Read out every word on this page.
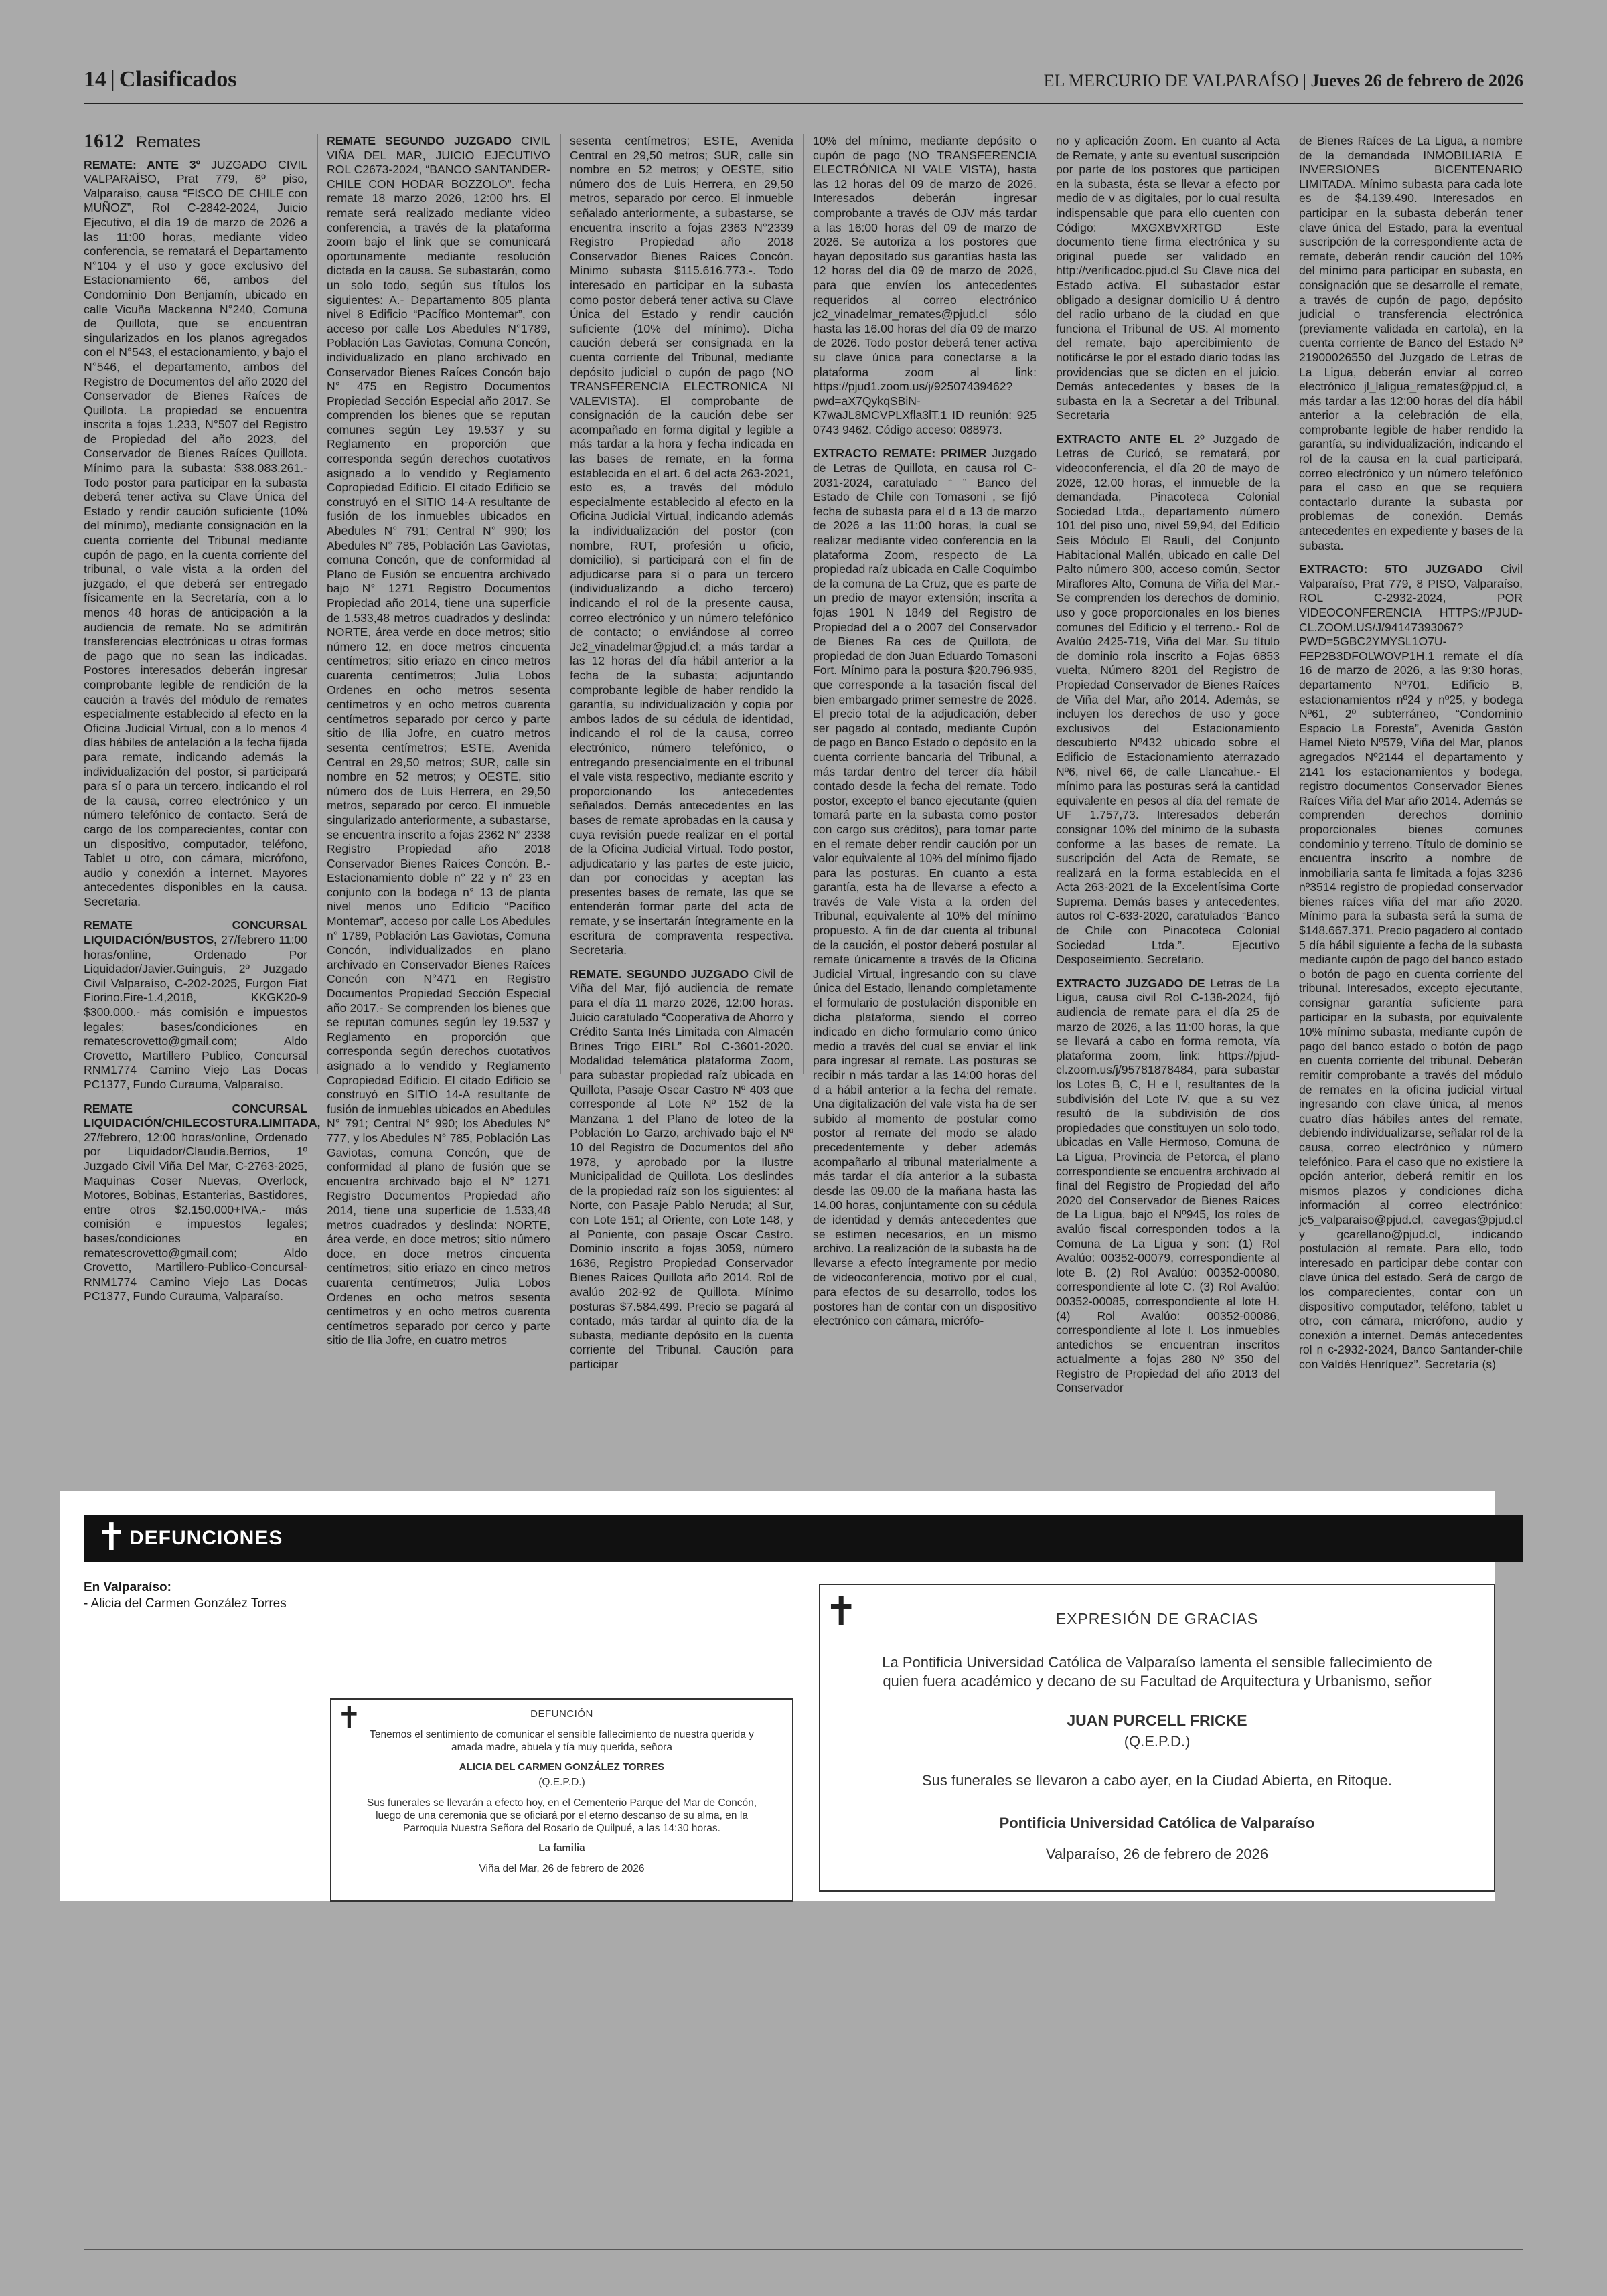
14 | Clasificados	EL MERCURIO DE VALPARAÍSO | Jueves 26 de febrero de 2026
1612 Remates

REMATE: ANTE 3º JUZGADO CIVIL VALPARAÍSO, Prat 779, 6º piso, Valparaíso, causa “FISCO DE CHILE con MUÑOZ”, Rol C-2842-2024, Juicio Ejecutivo, el día 19 de marzo de 2026 a las 11:00 horas, mediante video conferencia, se rematará el Departamento N°104 y el uso y goce exclusivo del Estacionamiento 66, ambos del Condominio Don Benjamín, ubicado en calle Vicuña Mackenna N°240, Comuna de Quillota, que se encuentran singularizados en los planos agregados con el N°543, el estacionamiento, y bajo el N°546, el departamento, ambos del Registro de Documentos del año 2020 del Conservador de Bienes Raíces de Quillota. La propiedad se encuentra inscrita a fojas 1.233, N°507 del Registro de Propiedad del año 2023, del Conservador de Bienes Raíces Quillota. Mínimo para la subasta: $38.083.261.- Todo postor para participar en la subasta deberá tener activa su Clave Única del Estado y rendir caución suficiente (10% del mínimo), mediante consignación en la cuenta corriente del Tribunal mediante cupón de pago, en la cuenta corriente del tribunal, o vale vista a la orden del juzgado, el que deberá ser entregado físicamente en la Secretaría, con a lo menos 48 horas de anticipación a la audiencia de remate. No se admitirán transferencias electrónicas u otras formas de pago que no sean las indicadas. Postores interesados deberán ingresar comprobante legible de rendición de la caución a través del módulo de remates especialmente establecido al efecto en la Oficina Judicial Virtual, con a lo menos 4 días hábiles de antelación a la fecha fijada para remate, indicando además la individualización del postor, si participará para sí o para un tercero, indicando el rol de la causa, correo electrónico y un número telefónico de contacto. Será de cargo de los comparecientes, contar con un dispositivo, computador, teléfono, Tablet u otro, con cámara, micrófono, audio y conexión a internet. Mayores antecedentes disponibles en la causa. Secretaria.

REMATE CONCURSAL LIQUIDACIÓN/BUSTOS, 27/febrero 11:00 horas/online, Ordenado Por Liquidador/Javier.Guinguis, 2º Juzgado Civil Valparaíso, C-202-2025, Furgon Fiat Fiorino.Fire-1.4,2018, KKGK20-9 $300.000.- más comisión e impuestos legales; bases/condiciones en rematescrovetto@gmail.com; Aldo Crovetto, Martillero Publico, Concursal RNM1774 Camino Viejo Las Docas PC1377, Fundo Curauma, Valparaíso.

REMATE CONCURSAL LIQUIDACIÓN/CHILECOSTURA.LIMITADA, 27/febrero, 12:00 horas/online, Ordenado por Liquidador/Claudia.Berrios, 1º Juzgado Civil Viña Del Mar, C-2763-2025, Maquinas Coser Nuevas, Overlock, Motores, Bobinas, Estanterias, Bastidores, entre otros $2.150.000+IVA.- más comisión e impuestos legales; bases/condiciones en rematescrovetto@gmail.com; Aldo Crovetto, Martillero-Publico-Concursal-RNM1774 Camino Viejo Las Docas PC1377, Fundo Curauma, Valparaíso.

REMATE SEGUNDO JUZGADO CIVIL VIÑA DEL MAR, JUICIO EJECUTIVO ROL C2673-2024, “BANCO SANTANDER-CHILE CON HODAR BOZZOLO”. fecha remate 18 marzo 2026, 12:00 hrs. El remate será realizado mediante video conferencia, a través de la plataforma zoom bajo el link que se comunicará oportunamente mediante resolución dictada en la causa. Se subastarán, como un solo todo, según sus títulos los siguientes: A.- Departamento 805 planta nivel 8 Edificio “Pacífico Montemar”, con acceso por calle Los Abedules N°1789, Población Las Gaviotas, Comuna Concón, individualizado en plano archivado en Conservador Bienes Raíces Concón bajo N° 475 en Registro Documentos Propiedad Sección Especial año 2017. Se comprenden los bienes que se reputan comunes según Ley 19.537 y su Reglamento en proporción que corresponda según derechos cuotativos asignado a lo vendido y Reglamento Copropiedad Edificio. El citado Edificio se construyó en el SITIO 14-A resultante de fusión de los inmuebles ubicados en Abedules N° 791; Central N° 990; los Abedules N° 785, Población Las Gaviotas, comuna Concón, que de conformidad al Plano de Fusión se encuentra archivado bajo N° 1271 Registro Documentos Propiedad año 2014, tiene una superficie de 1.533,48 metros cuadrados y deslinda: NORTE, área verde en doce metros; sitio número 12, en doce metros cincuenta centímetros; sitio eriazo en cinco metros cuarenta centímetros; Julia Lobos Ordenes en ocho metros sesenta centímetros y en ocho metros cuarenta centímetros separado por cerco y parte sitio de Ilia Jofre, en cuatro metros sesenta centímetros; ESTE, Avenida Central en 29,50 metros; SUR, calle sin nombre en 52 metros; y OESTE, sitio número dos de Luis Herrera, en 29,50 metros, separado por cerco. El inmueble singularizado anteriormente, a subastarse, se encuentra inscrito a fojas 2362 N° 2338 Registro Propiedad año 2018 Conservador Bienes Raíces Concón. B.- Estacionamiento doble n° 22 y n° 23 en conjunto con la bodega n° 13 de planta nivel menos uno Edificio “Pacífico Montemar”, acceso por calle Los Abedules n° 1789, Población Las Gaviotas, Comuna Concón, individualizados en plano archivado en Conservador Bienes Raíces Concón con N°471 en Registro Documentos Propiedad Sección Especial año 2017.- Se comprenden los bienes que se reputan comunes según ley 19.537 y Reglamento en proporción que corresponda según derechos cuotativos asignado a lo vendido y Reglamento Copropiedad Edificio. El citado Edificio se construyó en SITIO 14-A resultante de fusión de inmuebles ubicados en Abedules N° 791; Central N° 990; los Abedules N° 777, y los Abedules N° 785, Población Las Gaviotas, comuna Concón, que de conformidad al plano de fusión que se encuentra archivado bajo el N° 1271 Registro Documentos Propiedad año 2014, tiene una superficie de 1.533,48 metros cuadrados y deslinda: NORTE, área verde, en doce metros; sitio número doce, en doce metros cincuenta centímetros; sitio eriazo en cinco metros cuarenta centímetros; Julia Lobos Ordenes en ocho metros sesenta centímetros y en ocho metros cuarenta centímetros separado por cerco y parte sitio de Ilia Jofre, en cuatro metros

sesenta centímetros; ESTE, Avenida Central en 29,50 metros; SUR, calle sin nombre en 52 metros; y OESTE, sitio número dos de Luis Herrera, en 29,50 metros, separado por cerco. El inmueble señalado anteriormente, a subastarse, se encuentra inscrito a fojas 2363 N°2339 Registro Propiedad año 2018 Conservador Bienes Raíces Concón. Mínimo subasta $115.616.773.-. Todo interesado en participar en la subasta como postor deberá tener activa su Clave Única del Estado y rendir caución suficiente (10% del mínimo). Dicha caución deberá ser consignada en la cuenta corriente del Tribunal, mediante depósito judicial o cupón de pago (NO TRANSFERENCIA ELECTRONICA NI VALEVISTA). El comprobante de consignación de la caución debe ser acompañado en forma digital y legible a más tardar a la hora y fecha indicada en las bases de remate, en la forma establecida en el art. 6 del acta 263-2021, esto es, a través del módulo especialmente establecido al efecto en la Oficina Judicial Virtual, indicando además la individualización del postor (con nombre, RUT, profesión u oficio, domicilio), si participará con el fin de adjudicarse para sí o para un tercero (individualizando a dicho tercero) indicando el rol de la presente causa, correo electrónico y un número telefónico de contacto; o enviándose al correo Jc2_vinadelmar@pjud.cl; a más tardar a las 12 horas del día hábil anterior a la fecha de la subasta; adjuntando comprobante legible de haber rendido la garantía, su individualización y copia por ambos lados de su cédula de identidad, indicando el rol de la causa, correo electrónico, número telefónico, o entregando presencialmente en el tribunal el vale vista respectivo, mediante escrito y proporcionando los antecedentes señalados. Demás antecedentes en las bases de remate aprobadas en la causa y cuya revisión puede realizar en el portal de la Oficina Judicial Virtual. Todo postor, adjudicatario y las partes de este juicio, dan por conocidas y aceptan las presentes bases de remate, las que se entenderán formar parte del acta de remate, y se insertarán íntegramente en la escritura de compraventa respectiva. Secretaria.

REMATE. SEGUNDO JUZGADO Civil de Viña del Mar, fijó audiencia de remate para el día 11 marzo 2026, 12:00 horas. Juicio caratulado “Cooperativa de Ahorro y Crédito Santa Inés Limitada con Almacén Brines Trigo EIRL” Rol C-3601-2020. Modalidad telemática plataforma Zoom, para subastar propiedad raíz ubicada en Quillota, Pasaje Oscar Castro Nº 403 que corresponde al Lote Nº 152 de la Manzana 1 del Plano de loteo de la Población Lo Garzo, archivado bajo el Nº 10 del Registro de Documentos del año 1978, y aprobado por la Ilustre Municipalidad de Quillota. Los deslindes de la propiedad raíz son los siguientes: al Norte, con Pasaje Pablo Neruda; al Sur, con Lote 151; al Oriente, con Lote 148, y al Poniente, con pasaje Oscar Castro. Dominio inscrito a fojas 3059, número 1636, Registro Propiedad Conservador Bienes Raíces Quillota año 2014. Rol de avalúo 202-92 de Quillota. Mínimo posturas $7.584.499. Precio se pagará al contado, más tardar al quinto día de la subasta, mediante depósito en la cuenta corriente del Tribunal. Caución para participar

10% del mínimo, mediante depósito o cupón de pago (NO TRANSFERENCIA ELECTRÓNICA NI VALE VISTA), hasta las 12 horas del 09 de marzo de 2026. Interesados deberán ingresar comprobante a través de OJV más tardar a las 16:00 horas del 09 de marzo de 2026. Se autoriza a los postores que hayan depositado sus garantías hasta las 12 horas del día 09 de marzo de 2026, para que envíen los antecedentes requeridos al correo electrónico jc2_vinadelmar_remates@pjud.cl sólo hasta las 16.00 horas del día 09 de marzo de 2026. Todo postor deberá tener activa su clave única para conectarse a la plataforma zoom al link: https://pjud1.zoom.us/j/92507439462?pwd=aX7QykqSBiN-K7waJL8MCVPLXfla3lT.1 ID reunión: 925 0743 9462. Código acceso: 088973.

EXTRACTO REMATE: PRIMER Juzgado de Letras de Quillota, en causa rol C-2031-2024, caratulado “ ” Banco del Estado de Chile con Tomasoni , se fijó fecha de subasta para el d a 13 de marzo de 2026 a las 11:00 horas, la cual se realizar mediante video conferencia en la plataforma Zoom, respecto de La propiedad raíz ubicada en Calle Coquimbo de la comuna de La Cruz, que es parte de un predio de mayor extensión; inscrita a fojas 1901 N 1849 del Registro de Propiedad del a o 2007 del Conservador de Bienes Ra ces de Quillota, de propiedad de don Juan Eduardo Tomasoni Fort. Mínimo para la postura $20.796.935, que corresponde a la tasación fiscal del bien embargado primer semestre de 2026. El precio total de la adjudicación, deber ser pagado al contado, mediante Cupón de pago en Banco Estado o depósito en la cuenta corriente bancaria del Tribunal, a más tardar dentro del tercer día hábil contado desde la fecha del remate. Todo postor, excepto el banco ejecutante (quien tomará parte en la subasta como postor con cargo sus créditos), para tomar parte en el remate deber rendir caución por un valor equivalente al 10% del mínimo fijado para las posturas. En cuanto a esta garantía, esta ha de llevarse a efecto a través de Vale Vista a la orden del Tribunal, equivalente al 10% del mínimo propuesto. A fin de dar cuenta al tribunal de la caución, el postor deberá postular al remate únicamente a través de la Oficina Judicial Virtual, ingresando con su clave única del Estado, llenando completamente el formulario de postulación disponible en dicha plataforma, siendo el correo indicado en dicho formulario como único medio a través del cual se enviar el link para ingresar al remate. Las posturas se recibir n más tardar a las 14:00 horas del d a hábil anterior a la fecha del remate. Una digitalización del vale vista ha de ser subido al momento de postular como postor al remate del modo se alado precedentemente y deber además acompañarlo al tribunal materialmente a más tardar el día anterior a la subasta desde las 09.00 de la mañana hasta las 14.00 horas, conjuntamente con su cédula de identidad y demás antecedentes que se estimen necesarios, en un mismo archivo. La realización de la subasta ha de llevarse a efecto íntegramente por medio de videoconferencia, motivo por el cual, para efectos de su desarrollo, todos los postores han de contar con un dispositivo electrónico con cámara, micrófo-

no y aplicación Zoom. En cuanto al Acta de Remate, y ante su eventual suscripción por parte de los postores que participen en la subasta, ésta se llevar a efecto por medio de v as digitales, por lo cual resulta indispensable que para ello cuenten con Código: MXGXBVXRTGD Este documento tiene firma electrónica y su original puede ser validado en http://verificadoc.pjud.cl Su Clave nica del Estado activa. El subastador estar obligado a designar domicilio U á dentro del radio urbano de la ciudad en que funciona el Tribunal de US. Al momento del remate, bajo apercibimiento de notificárse le por el estado diario todas las providencias que se dicten en el juicio. Demás antecedentes y bases de la subasta en la a Secretar a del Tribunal. Secretaria

EXTRACTO ANTE EL 2º Juzgado de Letras de Curicó, se rematará, por videoconferencia, el día 20 de mayo de 2026, 12.00 horas, el inmueble de la demandada, Pinacoteca Colonial Sociedad Ltda., departamento número 101 del piso uno, nivel 59,94, del Edificio Seis Módulo El Raulí, del Conjunto Habitacional Mallén, ubicado en calle Del Palto número 300, acceso común, Sector Miraflores Alto, Comuna de Viña del Mar.- Se comprenden los derechos de dominio, uso y goce proporcionales en los bienes comunes del Edificio y el terreno.- Rol de Avalúo 2425-719, Viña del Mar. Su título de dominio rola inscrito a Fojas 6853 vuelta, Número 8201 del Registro de Propiedad Conservador de Bienes Raíces de Viña del Mar, año 2014. Además, se incluyen los derechos de uso y goce exclusivos del Estacionamiento descubierto Nº432 ubicado sobre el Edificio de Estacionamiento aterrazado Nº6, nivel 66, de calle Llancahue.- El mínimo para las posturas será la cantidad equivalente en pesos al día del remate de UF 1.757,73. Interesados deberán consignar 10% del mínimo de la subasta conforme a las bases de remate. La suscripción del Acta de Remate, se realizará en la forma establecida en el Acta 263-2021 de la Excelentísima Corte Suprema. Demás bases y antecedentes, autos rol C-633-2020, caratulados “Banco de Chile con Pinacoteca Colonial Sociedad Ltda.”. Ejecutivo Desposeimiento. Secretario.

EXTRACTO JUZGADO DE Letras de La Ligua, causa civil Rol C-138-2024, fijó audiencia de remate para el día 25 de marzo de 2026, a las 11:00 horas, la que se llevará a cabo en forma remota, vía plataforma zoom, link: https://pjud-cl.zoom.us/j/95781878484, para subastar los Lotes B, C, H e I, resultantes de la subdivisión del Lote IV, que a su vez resultó de la subdivisión de dos propiedades que constituyen un solo todo, ubicadas en Valle Hermoso, Comuna de La Ligua, Provincia de Petorca, el plano correspondiente se encuentra archivado al final del Registro de Propiedad del año 2020 del Conservador de Bienes Raíces de La Ligua, bajo el Nº945, los roles de avalúo fiscal corresponden todos a la Comuna de La Ligua y son: (1) Rol Avalúo: 00352-00079, correspondiente al lote B. (2) Rol Avalúo: 00352-00080, correspondiente al lote C. (3) Rol Avalúo: 00352-00085, correspondiente al lote H. (4) Rol Avalúo: 00352-00086, correspondiente al lote I. Los inmuebles antedichos se encuentran inscritos actualmente a fojas 280 Nº 350 del Registro de Propiedad del año 2013 del Conservador

de Bienes Raíces de La Ligua, a nombre de la demandada INMOBILIARIA E INVERSIONES BICENTENARIO LIMITADA. Mínimo subasta para cada lote es de $4.139.490. Interesados en participar en la subasta deberán tener clave única del Estado, para la eventual suscripción de la correspondiente acta de remate, deberán rendir caución del 10% del mínimo para participar en subasta, en consignación que se desarrolle el remate, a través de cupón de pago, depósito judicial o transferencia electrónica (previamente validada en cartola), en la cuenta corriente de Banco del Estado Nº 21900026550 del Juzgado de Letras de La Ligua, deberán enviar al correo electrónico jl_laligua_remates@pjud.cl, a más tardar a las 12:00 horas del día hábil anterior a la celebración de ella, comprobante legible de haber rendido la garantía, su individualización, indicando el rol de la causa en la cual participará, correo electrónico y un número telefónico para el caso en que se requiera contactarlo durante la subasta por problemas de conexión. Demás antecedentes en expediente y bases de la subasta.

EXTRACTO: 5TO JUZGADO Civil Valparaíso, Prat 779, 8 PISO, Valparaíso, ROL C-2932-2024, POR VIDEOCONFERENCIA HTTPS://PJUD-CL.ZOOM.US/J/94147393067?PWD=5GBC2YMYSL1O7U-FEP2B3DFOLWOVP1H.1 remate el día 16 de marzo de 2026, a las 9:30 horas, departamento Nº701, Edificio B, estacionamientos nº24 y nº25, y bodega Nº61, 2º subterráneo, “Condominio Espacio La Foresta”, Avenida Gastón Hamel Nieto Nº579, Viña del Mar, planos agregados Nº2144 el departamento y 2141 los estacionamientos y bodega, registro documentos Conservador Bienes Raíces Viña del Mar año 2014. Además se comprenden derechos dominio proporcionales bienes comunes condominio y terreno. Título de dominio se encuentra inscrito a nombre de inmobiliaria santa fe limitada a fojas 3236 nº3514 registro de propiedad conservador bienes raíces viña del mar año 2020. Mínimo para la subasta será la suma de $148.667.371. Precio pagadero al contado 5 día hábil siguiente a fecha de la subasta mediante cupón de pago del banco estado o botón de pago en cuenta corriente del tribunal. Interesados, excepto ejecutante, consignar garantía suficiente para participar en la subasta, por equivalente 10% mínimo subasta, mediante cupón de pago del banco estado o botón de pago en cuenta corriente del tribunal. Deberán remitir comprobante a través del módulo de remates en la oficina judicial virtual ingresando con clave única, al menos cuatro días hábiles antes del remate, debiendo individualizarse, señalar rol de la causa, correo electrónico y número telefónico. Para el caso que no existiere la opción anterior, deberá remitir en los mismos plazos y condiciones dicha información al correo electrónico: jc5_valparaiso@pjud.cl, cavegas@pjud.cl y gcarellano@pjud.cl, indicando postulación al remate. Para ello, todo interesado en participar debe contar con clave única del estado. Será de cargo de los comparecientes, contar con un dispositivo computador, teléfono, tablet u otro, con cámara, micrófono, audio y conexión a internet. Demás antecedentes rol n c-2932-2024, Banco Santander-chile con Valdés Henríquez”. Secretaría (s)

✝ DEFUNCIONES
En Valparaíso:
- Alicia del Carmen González Torres
✝	DEFUNCIÓN
Tenemos el sentimiento de comunicar el sensible fallecimiento de nuestra querida y amada madre, abuela y tía muy querida, señora
ALICIA DEL CARMEN GONZÁLEZ TORRES
(Q.E.P.D.)
Sus funerales se llevarán a efecto hoy, en el Cementerio Parque del Mar de Concón, luego de una ceremonia que se oficiará por el eterno descanso de su alma, en la Parroquia Nuestra Señora del Rosario de Quilpué, a las 14:30 horas.
La familia
Viña del Mar, 26 de febrero de 2026
✝	EXPRESIÓN DE GRACIAS
La Pontificia Universidad Católica de Valparaíso lamenta el sensible fallecimiento de quien fuera académico y decano de su Facultad de Arquitectura y Urbanismo, señor
JUAN PURCELL FRICKE
(Q.E.P.D.)
Sus funerales se llevaron a cabo ayer, en la Ciudad Abierta, en Ritoque.
Pontificia Universidad Católica de Valparaíso
Valparaíso, 26 de febrero de 2026
